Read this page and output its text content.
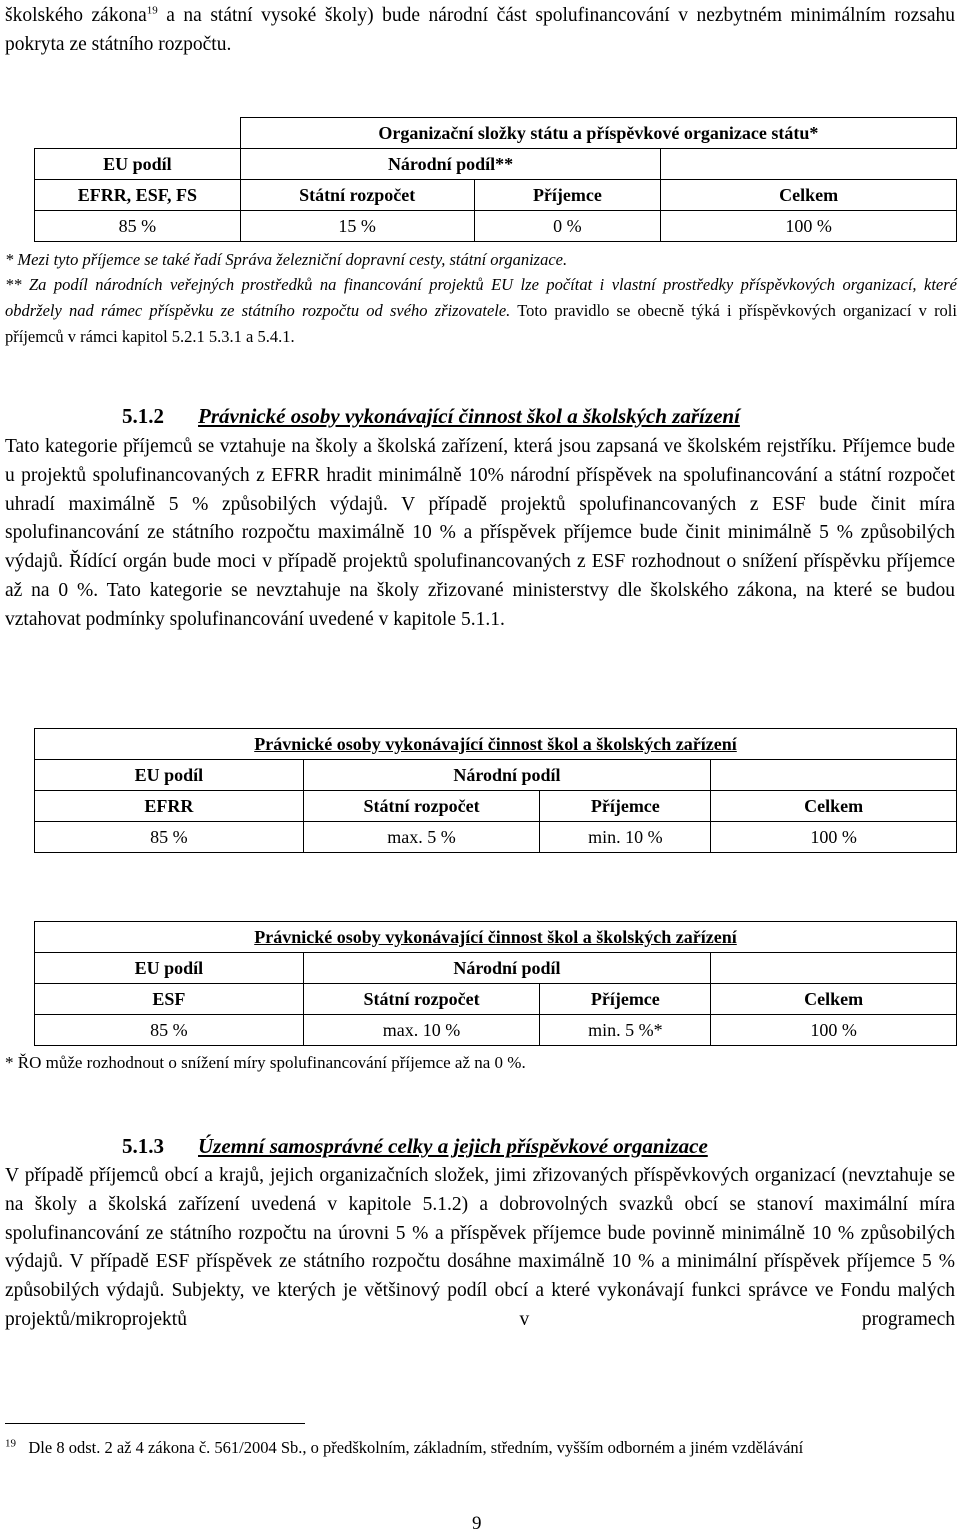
školského zákona$^{19}$ a na státní vysoké školy) bude národní část spolufinancování v nezbytném minimálním rozsahu pokryta ze státního rozpočtu.

	Organizační složky státu a příspěvkové organizace státu*		
EU podíl	Národní podíl**		
EFRR, ESF, FS	Státní rozpočet	Příjemce	Celkem
85 %	15 %	0 %	100 %
* Mezi tyto příjemce se také řadí Správa železniční dopravní cesty, státní organizace.
** Za podíl národních veřejných prostředků na financování projektů EU lze počítat i vlastní prostředky příspěvkových organizací, které obdržely nad rámec příspěvku ze státního rozpočtu od svého zřizovatele. Toto pravidlo se obecně týká i příspěvkových organizací v roli příjemců v rámci kapitol 5.2.1 5.3.1 a 5.4.1.
5.1.2 Právnické osoby vykonávající činnost škol a školských zařízení

Tato kategorie příjemců se vztahuje na školy a školská zařízení, která jsou zapsaná ve školském rejstříku. Příjemce bude u projektů spolufinancovaných z EFRR hradit minimálně 10% národní příspěvek na spolufinancování a státní rozpočet uhradí maximálně 5 % způsobilých výdajů. V případě projektů spolufinancovaných z ESF bude činit míra spolufinancování ze státního rozpočtu maximálně 10 % a příspěvek příjemce bude činit minimálně 5 % způsobilých výdajů. Řídící orgán bude moci v případě projektů spolufinancovaných z ESF rozhodnout o snížení příspěvku příjemce až na 0 %. Tato kategorie se nevztahuje na školy zřizované ministerstvy dle školského zákona, na které se budou vztahovat podmínky spolufinancování uvedené v kapitole 5.1.1.

Právnické osoby vykonávající činnost škol a školských zařízení			
EU podíl	Národní podíl		
EFRR	Státní rozpočet	Příjemce	Celkem
85 %	max. 5 %	min. 10 %	100 %
Právnické osoby vykonávající činnost škol a školských zařízení			
EU podíl	Národní podíl		
ESF	Státní rozpočet	Příjemce	Celkem
85 %	max. 10 %	min. 5 %*	100 %
* ŘO může rozhodnout o snížení míry spolufinancování příjemce až na 0 %.
5.1.3 Územní samosprávné celky a jejich příspěvkové organizace

V případě příjemců obcí a krajů, jejich organizačních složek, jimi zřizovaných příspěvkových organizací (nevztahuje se na školy a školská zařízení uvedená v kapitole 5.1.2) a dobrovolných svazků obcí se stanoví maximální míra spolufinancování ze státního rozpočtu na úrovni 5 % a příspěvek příjemce bude povinně minimálně 10 % způsobilých výdajů. V případě ESF příspěvek ze státního rozpočtu dosáhne maximálně 10 % a minimální příspěvek příjemce 5 % způsobilých výdajů. Subjekty, ve kterých je většinový podíl obcí a které vykonávají funkci správce ve Fondu malých projektů/mikroprojektů v programech

$^{19}$ Dle 8 odst. 2 až 4 zákona č. 561/2004 Sb., o předškolním, základním, středním, vyšším odborném a jiném vzdělávání
9
